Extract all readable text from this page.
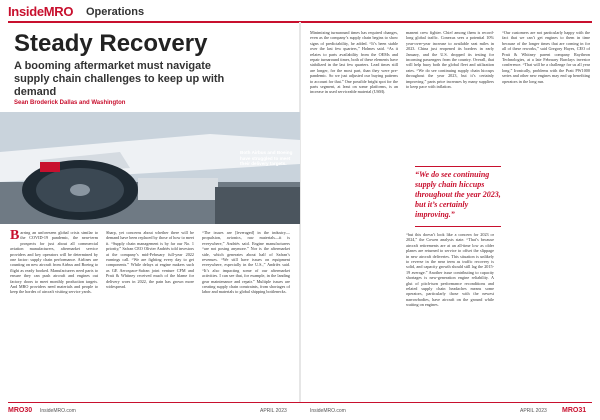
InsideMRO Operations
Steady Recovery
A booming aftermarket must navigate supply chain challenges to keep up with demand
Sean Broderick Dallas and Washington
Both Airbus and Boeing have struggled to meet their delivery targets.

Barring an unforeseen global crisis similar to the COVID-19 pandemic, the near-term prospects for just about all commercial aviation manufacturers, aftermarket service providers and key operators will be determined by one factor: supply chain performance. Airlines are counting on new aircraft from Airbus and Boeing to flight as ready booked. Manufacturers need parts to ensure they can push aircraft and engines out factory doors to meet monthly production targets. And MRO providers need materials and people to keep the hordes of aircraft visiting service yards.

Sharp, yet concerns about whether there will be demand have been replaced by those of how to meet it. “Supply chain management is by far our No. 1 priority,” Safran CEO Olivier Andriès told investors at the company’s mid-February full-year 2022 earnings call. “We are fighting every day to get components.” While delays at engine makers such as GE Aerospace-Safran joint venture CFM and Pratt & Whitney received much of the blame for delivery woes in 2022, the pain has grown more widespread.

“The issues are [leveraged] in the industry—propulsion, avionics, raw materials—it is everywhere,” Andriès said. Engine manufacturers “are not posing anymore.” Nor is the aftermarket side, which generates about half of Safran’s revenues. “We still have issues on equipment everywhere, especially in the U.S.,” Andriès said. “It’s also impacting some of our aftermarket activities. I can see that, for example, in the landing gear maintenance and repair.” Multiple issues are creating supply chain constraints, from shortages of labor and materials to global shipping bottlenecks.

Minimizing turnaround times has required changes, even as the company’s supply chain begins to show signs of predictability, he added. “It’s been stable over the last few quarters,” Holmes said. “As it relates to parts availability from the OEMs and repair turnaround times, both of these elements have stabilized in the last few quarters. Lead times still are longer, for the most part, than they were pre-pandemic. So we just adjusted our buying patterns to account for that.” One possible bright spot for the parts segment, at least on some platforms, is an increase in used serviceable material (USM).

manent crew fighter. Chief among them is record-long global traffic. Conexus sees a potential 10% year-over-year increase to available seat miles in 2023. China just reopened its borders in early January, and the U.S. dropped its testing for incoming passengers from the country. Overall, that will help buoy both the global fleet and utilization rates. “We do see continuing supply chain hiccups throughout the year 2023, but it’s certainly improving.” parts price increases by many suppliers to keep pace with inflation.

“We do see continuing supply chain hiccups throughout the year 2023, but it’s certainly improving.”

“but this doesn’t look like a concern for 2023 or 2024,” the Cowen analysts state. “That’s because aircraft retirements are at an all-time low as older planes are returned to service to offset the slippage in new aircraft deliveries. This situation is unlikely to reverse in the near term as traffic recovery is solid, and capacity growth should still lag the 2015-19 average.” Another issue contributing to capacity shortages is new-generation engine reliability. A glut of pitch-turn performance reconditions and related supply chain headaches means some operators, particularly those with the newest narrowbodies, have aircraft on the ground while waiting on engines.

“Our customers are not particularly happy with the fact that we can’t get engines to them in time because of the longer times that are coming in for all of these reworks,” said Gregory Hayes, CEO of Pratt & Whitney parent company Raytheon Technologies, at a late February Barclays investor conference. “That will be a challenge for us all year long.” Ironically, problems with the Pratt PW1000 series and other new engines may end up benefiting operators in the long run.

MRO30 InsideMRO.com	APRIL 2023	InsideMRO.com	APRIL 2023 MRO31
